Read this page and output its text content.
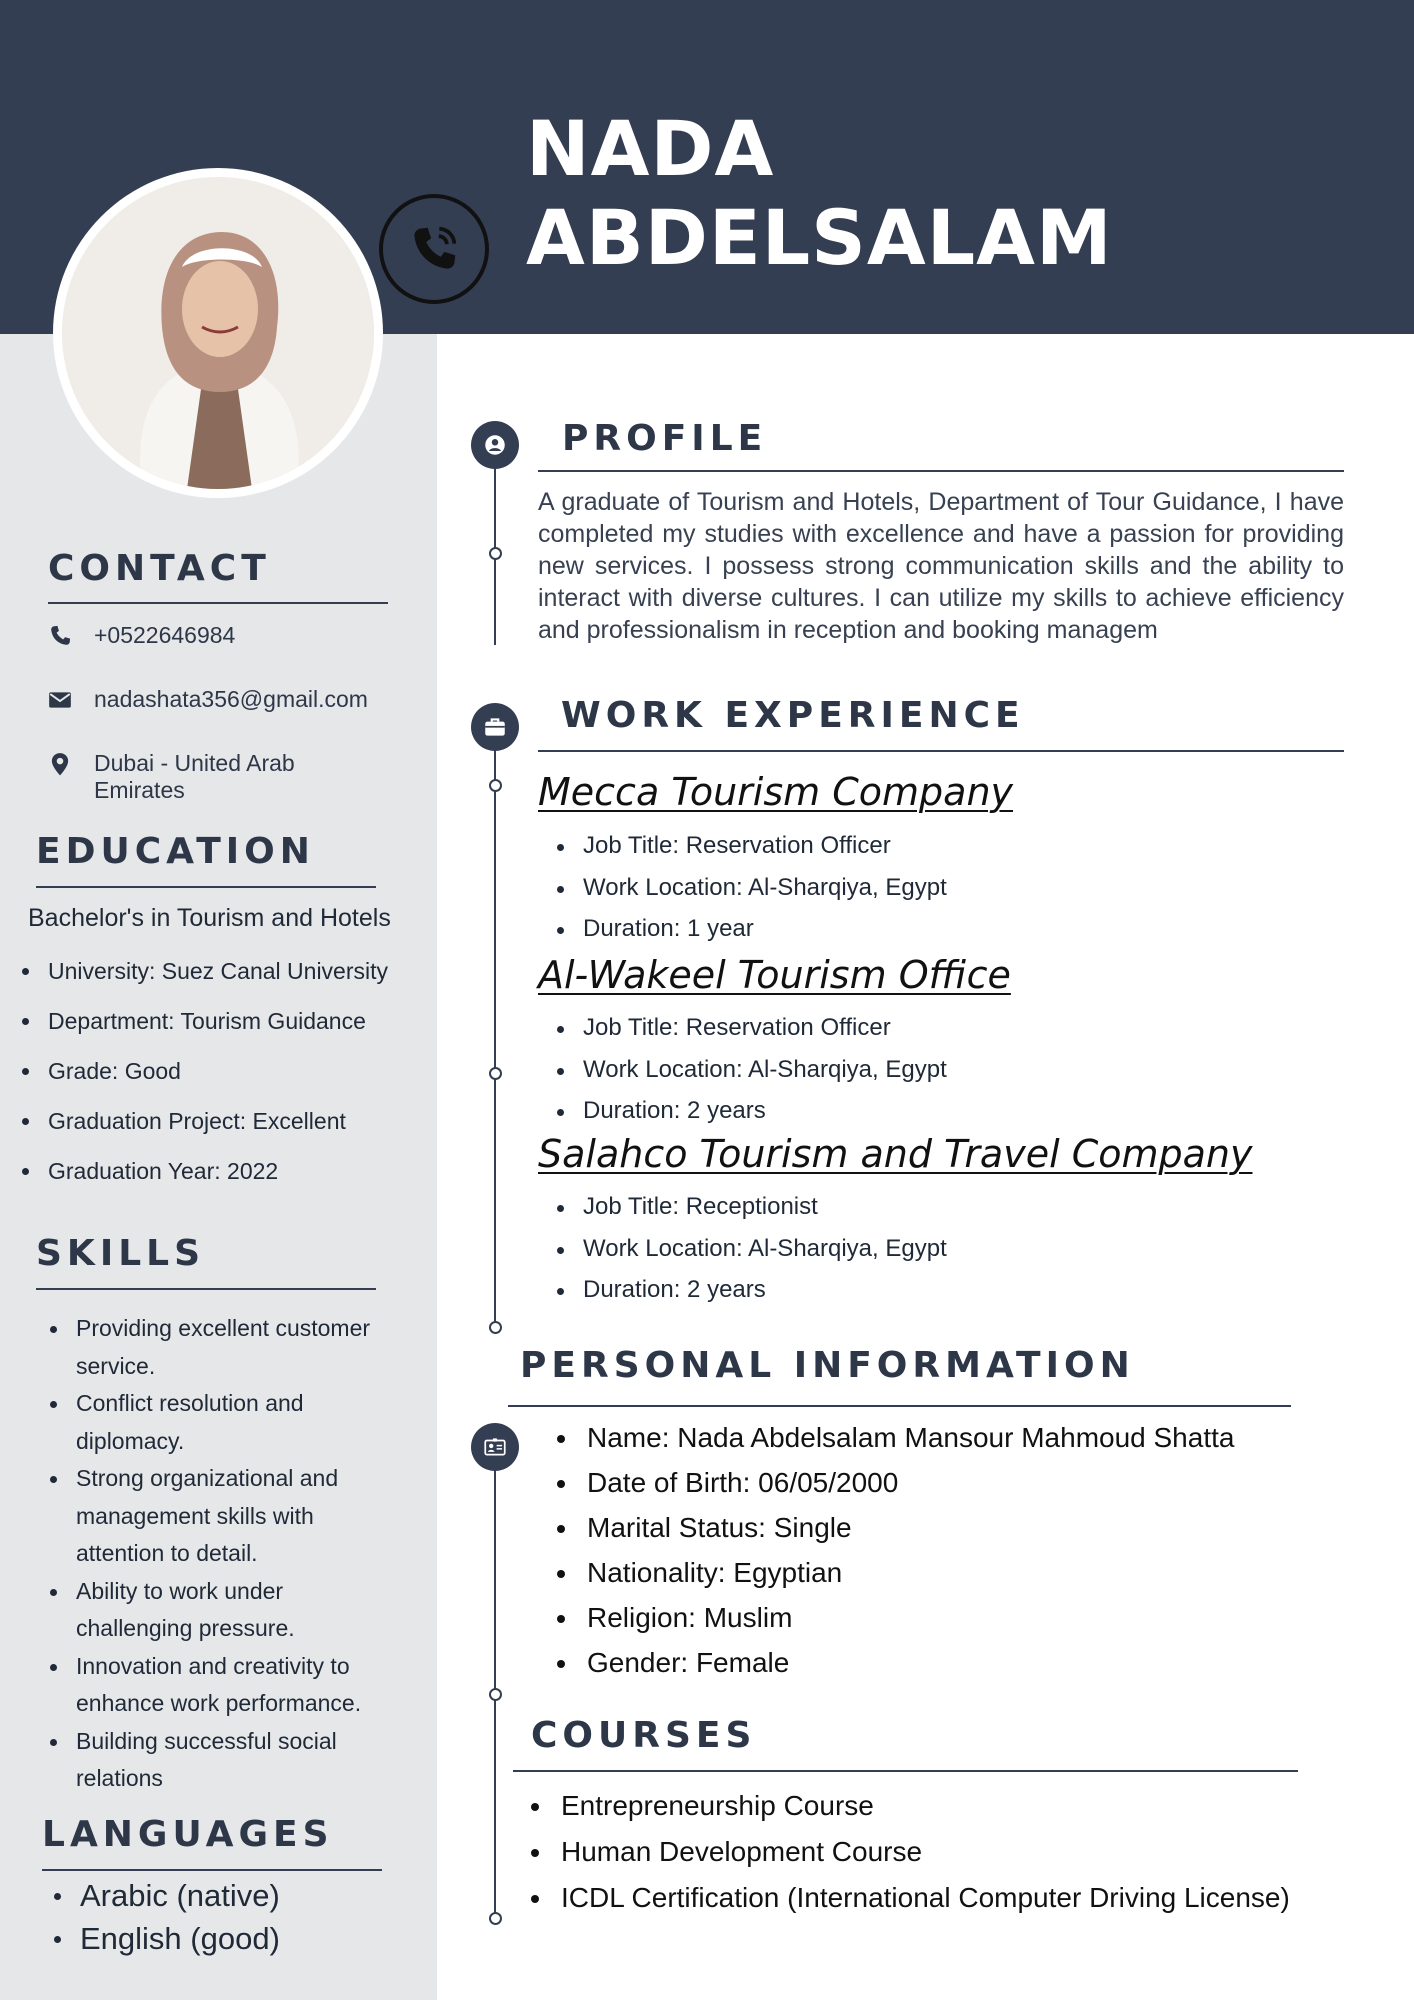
NADA ABDELSALAM
CONTACT
+0522646984
nadashata356@gmail.com
Dubai - United Arab Emirates
EDUCATION
Bachelor's in Tourism and Hotels
University: Suez Canal University
Department: Tourism Guidance
Grade: Good
Graduation Project: Excellent
Graduation Year: 2022
SKILLS
Providing excellent customer service.
Conflict resolution and diplomacy.
Strong organizational and management skills with attention to detail.
Ability to work under challenging pressure.
Innovation and creativity to enhance work performance.
Building successful social relations
LANGUAGES
Arabic (native)
English (good)
PROFILE

A graduate of Tourism and Hotels, Department of Tour Guidance, I have completed my studies with excellence and have a passion for providing new services. I possess strong communication skills and the ability to interact with diverse cultures. I can utilize my skills to achieve efficiency and professionalism in reception and booking managem

WORK EXPERIENCE
Mecca Tourism Company
Job Title: Reservation Officer
Work Location: Al-Sharqiya, Egypt
Duration: 1 year
Al-Wakeel Tourism Office
Job Title: Reservation Officer
Work Location: Al-Sharqiya, Egypt
Duration: 2 years
Salahco Tourism and Travel Company
Job Title: Receptionist
Work Location: Al-Sharqiya, Egypt
Duration: 2 years
PERSONAL INFORMATION
Name: Nada Abdelsalam Mansour Mahmoud Shatta
Date of Birth: 06/05/2000
Marital Status: Single
Nationality: Egyptian
Religion: Muslim
Gender: Female
COURSES
Entrepreneurship Course
Human Development Course
ICDL Certification (International Computer Driving License)
